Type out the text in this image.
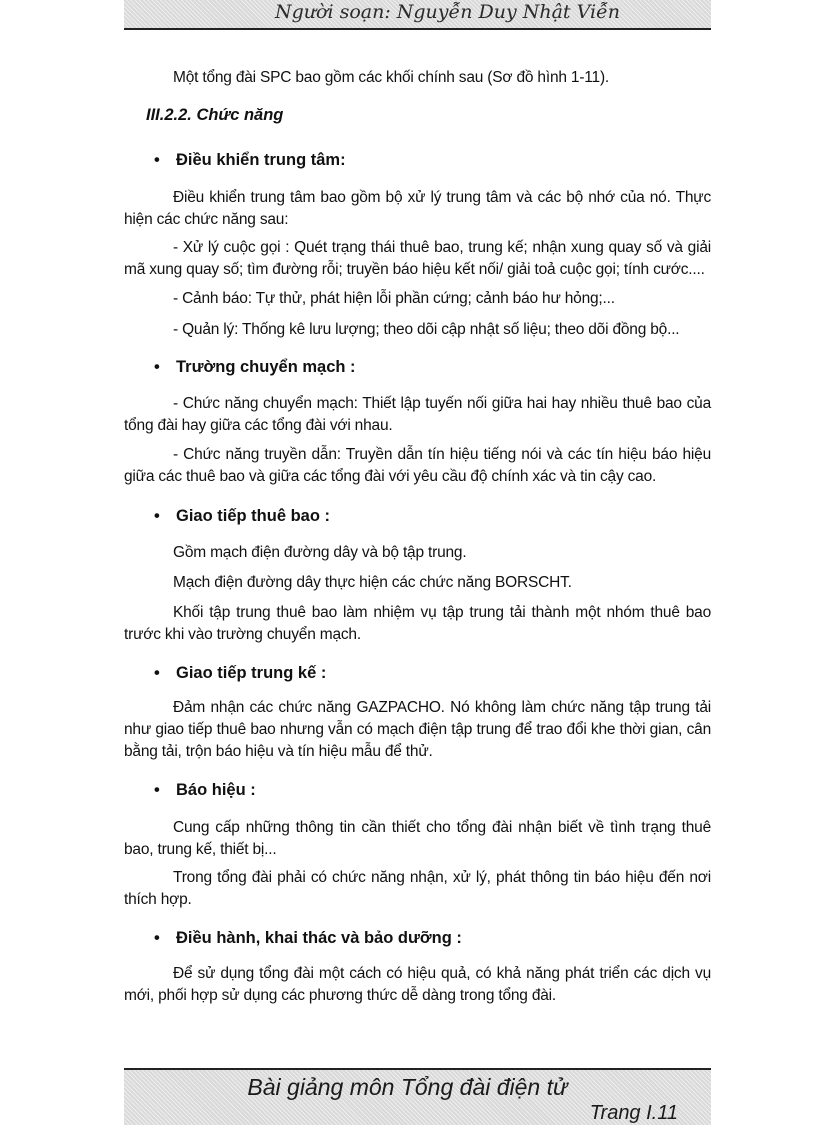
Người soạn: Nguyễn Duy Nhật Viễn

Một tổng đài SPC bao gồm các khối chính sau (Sơ đồ hình 1-11).

III.2.2. Chức năng
• Điều khiển trung tâm:

Điều khiển trung tâm bao gồm bộ xử lý trung tâm và các bộ nhớ của nó. Thực hiện các chức năng sau:

- Xử lý cuộc gọi : Quét trạng thái thuê bao, trung kế; nhận xung quay số và giải mã xung quay số; tìm đường rỗi; truyền báo hiệu kết nối/ giải toả cuộc gọi; tính cước....

- Cảnh báo: Tự thử, phát hiện lỗi phần cứng; cảnh báo hư hỏng;...

- Quản lý: Thống kê lưu lượng; theo dõi cập nhật số liệu; theo dõi đồng bộ...

• Trường chuyển mạch :

- Chức năng chuyển mạch: Thiết lập tuyến nối giữa hai hay nhiều thuê bao của tổng đài hay giữa các tổng đài với nhau.

- Chức năng truyền dẫn: Truyền dẫn tín hiệu tiếng nói và các tín hiệu báo hiệu giữa các thuê bao và giữa các tổng đài với yêu cầu độ chính xác và tin cậy cao.

• Giao tiếp thuê bao :

Gồm mạch điện đường dây và bộ tập trung.

Mạch điện đường dây thực hiện các chức năng BORSCHT.

Khối tập trung thuê bao làm nhiệm vụ tập trung tải thành một nhóm thuê bao trước khi vào trường chuyển mạch.

• Giao tiếp trung kế :

Đảm nhận các chức năng GAZPACHO. Nó không làm chức năng tập trung tải như giao tiếp thuê bao nhưng vẫn có mạch điện tập trung để trao đổi khe thời gian, cân bằng tải, trộn báo hiệu và tín hiệu mẫu để thử.

• Báo hiệu :

Cung cấp những thông tin cần thiết cho tổng đài nhận biết về tình trạng thuê bao, trung kế, thiết bị...

Trong tổng đài phải có chức năng nhận, xử lý, phát thông tin báo hiệu đến nơi thích hợp.

• Điều hành, khai thác và bảo dưỡng :

Để sử dụng tổng đài một cách có hiệu quả, có khả năng phát triển các dịch vụ mới, phối hợp sử dụng các phương thức dễ dàng trong tổng đài.

Bài giảng môn Tổng đài điện tử
Trang I.11
